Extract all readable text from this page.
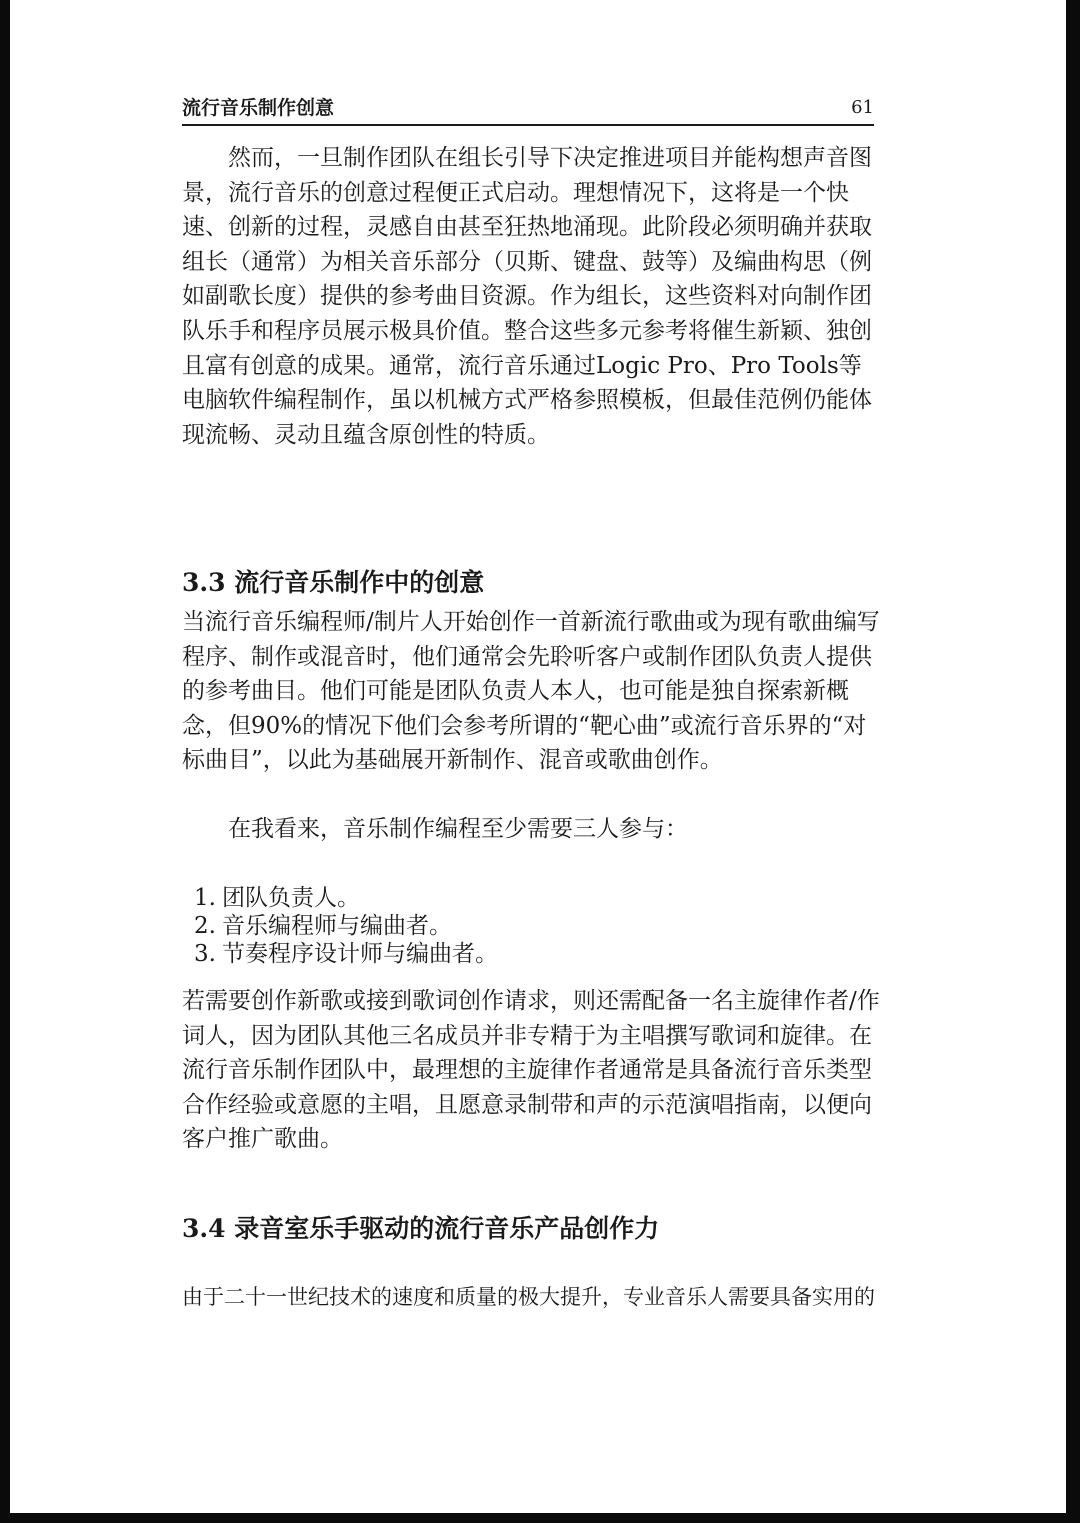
流行音乐制作创意	61

然而，一旦制作团队在组长引导下决定推进项目并能构想声音图景，流行音乐的创意过程便正式启动。理想情况下，这将是一个快速、创新的过程，灵感自由甚至狂热地涌现。此阶段必须明确并获取组长（通常）为相关音乐部分（贝斯、键盘、鼓等）及编曲构思（例如副歌长度）提供的参考曲目资源。作为组长，这些资料对向制作团队乐手和程序员展示极具价值。整合这些多元参考将催生新颖、独创且富有创意的成果。通常，流行音乐通过Logic Pro、Pro Tools等电脑软件编程制作，虽以机械方式严格参照模板，但最佳范例仍能体现流畅、灵动且蕴含原创性的特质。

3.3 流行音乐制作中的创意

当流行音乐编程师/制片人开始创作一首新流行歌曲或为现有歌曲编写程序、制作或混音时，他们通常会先聆听客户或制作团队负责人提供的参考曲目。他们可能是团队负责人本人，也可能是独自探索新概念，但90%的情况下他们会参考所谓的“靶心曲”或流行音乐界的“对标曲目”，以此为基础展开新制作、混音或歌曲创作。

在我看来，音乐制作编程至少需要三人参与：

1. 团队负责人。
2. 音乐编程师与编曲者。
3. 节奏程序设计师与编曲者。

若需要创作新歌或接到歌词创作请求，则还需配备一名主旋律作者/作词人，因为团队其他三名成员并非专精于为主唱撰写歌词和旋律。在流行音乐制作团队中，最理想的主旋律作者通常是具备流行音乐类型合作经验或意愿的主唱，且愿意录制带和声的示范演唱指南，以便向客户推广歌曲。

3.4 录音室乐手驱动的流行音乐产品创作力

由于二十一世纪技术的速度和质量的极大提升，专业音乐人需要具备实用的
